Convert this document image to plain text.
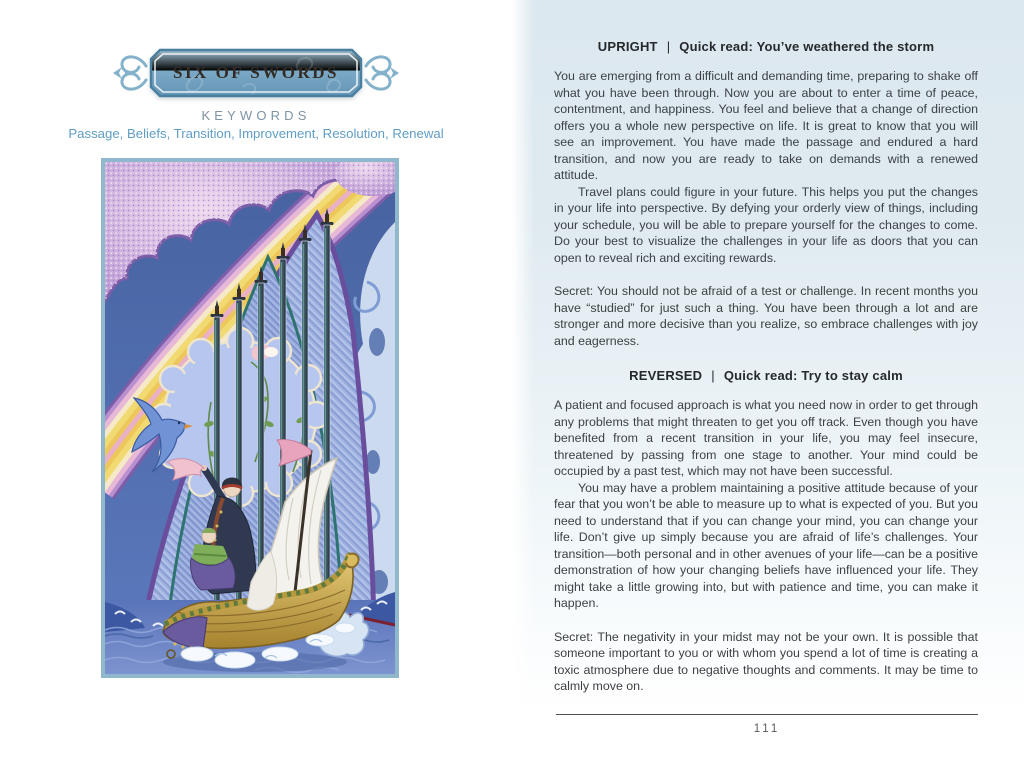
SIX OF SWORDS
KEYWORDS
Passage, Beliefs, Transition, Improvement, Resolution, Renewal
UPRIGHT | Quick read: You’ve weathered the storm

You are emerging from a difficult and demanding time, preparing to shake off what you have been through. Now you are about to enter a time of peace, contentment, and happiness. You feel and believe that a change of direction offers you a whole new perspective on life. It is great to know that you will see an improvement. You have made the passage and endured a hard transition, and now you are ready to take on demands with a renewed attitude.

Travel plans could figure in your future. This helps you put the changes in your life into perspective. By defying your orderly view of things, including your schedule, you will be able to prepare yourself for the changes to come. Do your best to visualize the challenges in your life as doors that you can open to reveal rich and exciting rewards.

Secret: You should not be afraid of a test or challenge. In recent months you have “studied” for just such a thing. You have been through a lot and are stronger and more decisive than you realize, so embrace challenges with joy and eagerness.

REVERSED | Quick read: Try to stay calm

A patient and focused approach is what you need now in order to get through any problems that might threaten to get you off track. Even though you have benefited from a recent transition in your life, you may feel insecure, threatened by passing from one stage to another. Your mind could be occupied by a past test, which may not have been successful.

You may have a problem maintaining a positive attitude because of your fear that you won’t be able to measure up to what is expected of you. But you need to understand that if you can change your mind, you can change your life. Don’t give up simply because you are afraid of life’s challenges. Your transition—both personal and in other avenues of your life—can be a positive demonstration of how your changing beliefs have influenced your life. They might take a little growing into, but with patience and time, you can make it happen.

Secret: The negativity in your midst may not be your own. It is possible that someone important to you or with whom you spend a lot of time is creating a toxic atmosphere due to negative thoughts and comments. It may be time to calmly move on.

111
